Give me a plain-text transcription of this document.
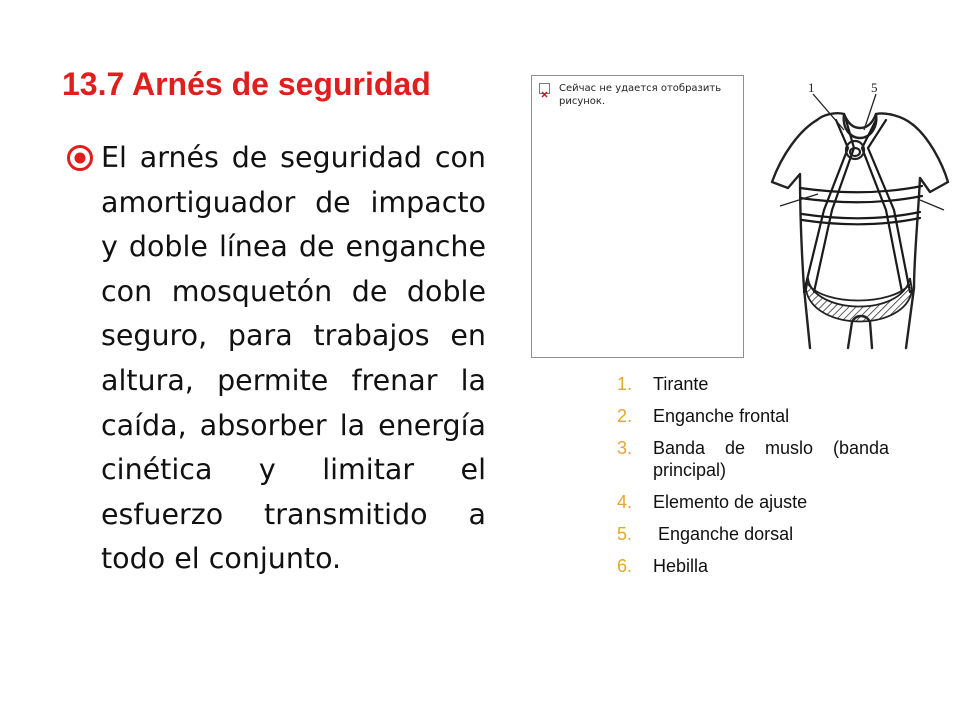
13.7 Arnés de seguridad
El arnés de seguridad con amortiguador de impacto y doble línea de enganche con mosquetón de doble seguro, para trabajos en altura, permite frenar la caída, absorber la energía cinética y limitar el esfuerzo transmitido a todo el conjunto.
Сейчас не удается отобразить рисунок.
1	5
1. Tirante
2. Enganche frontal
3. Banda de muslo (banda principal)
4. Elemento de ajuste
5. Enganche dorsal
6. Hebilla
